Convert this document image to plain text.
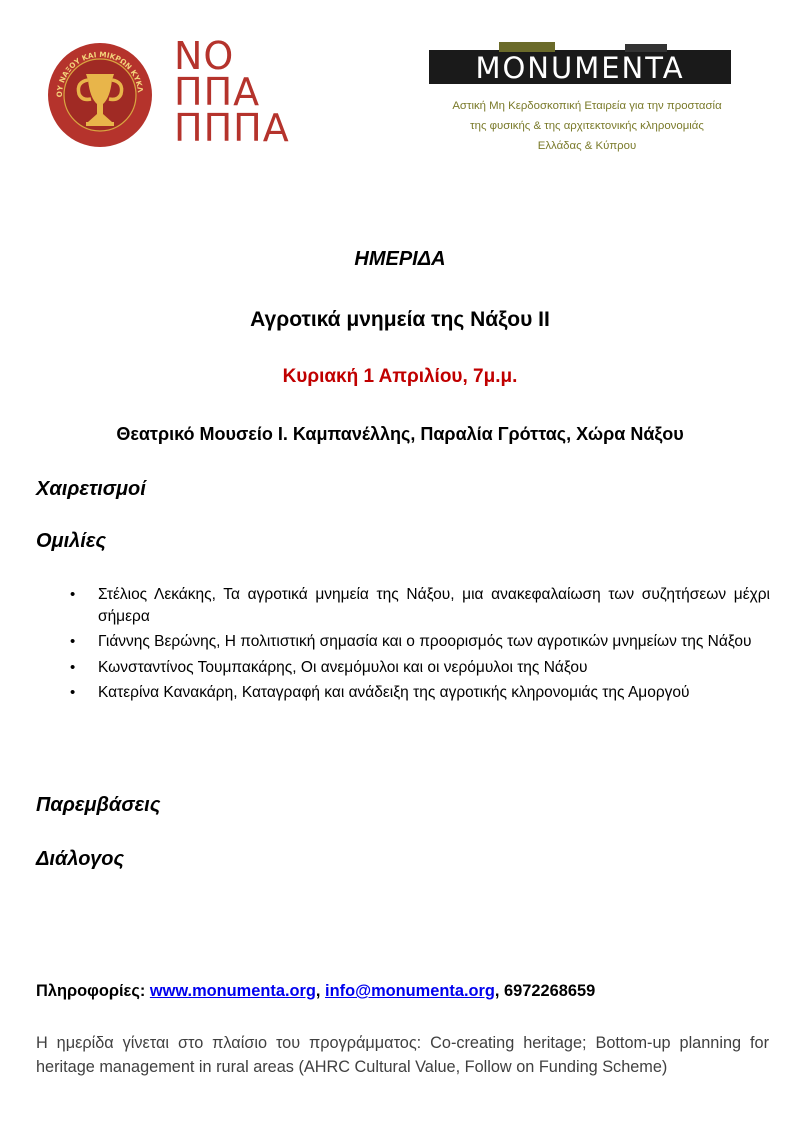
ΟΥ ΝΑΞΟΥ ΚΑΙ ΜΙΚΡΩΝ ΚΥΚΛ
ΝΟ
ΠΠΑ
ΠΠΠΑ
MONUMENTA
Αστική Μη Κερδοσκοπική Εταιρεία για την προστασία
της φυσικής & της αρχιτεκτονικής κληρονομιάς
Ελλάδας & Κύπρου
ΗΜΕΡΙΔΑ
Αγροτικά μνημεία της Νάξου ΙΙ
Κυριακή 1 Απριλίου, 7μ.μ.
Θεατρικό Μουσείο Ι. Καμπανέλλης, Παραλία Γρόττας, Χώρα Νάξου
Χαιρετισμοί
Ομιλίες
• Στέλιος Λεκάκης, Τα αγροτικά μνημεία της Νάξου, μια ανακεφαλαίωση των συζητήσεων μέχρι σήμερα
• Γιάννης Βερώνης, Η πολιτιστική σημασία και ο προορισμός των αγροτικών μνημείων της Νάξου
• Κωνσταντίνος Τουμπακάρης, Οι ανεμόμυλοι και οι νερόμυλοι της Νάξου
• Κατερίνα Κανακάρη, Καταγραφή και ανάδειξη της αγροτικής κληρονομιάς της Αμοργού
Παρεμβάσεις
Διάλογος
Πληροφορίες: www.monumenta.org, info@monumenta.org, 6972268659
Η ημερίδα γίνεται στο πλαίσιο του προγράμματος: Co-creating heritage; Bottom-up planning for heritage management in rural areas (AHRC Cultural Value, Follow on Funding Scheme)
